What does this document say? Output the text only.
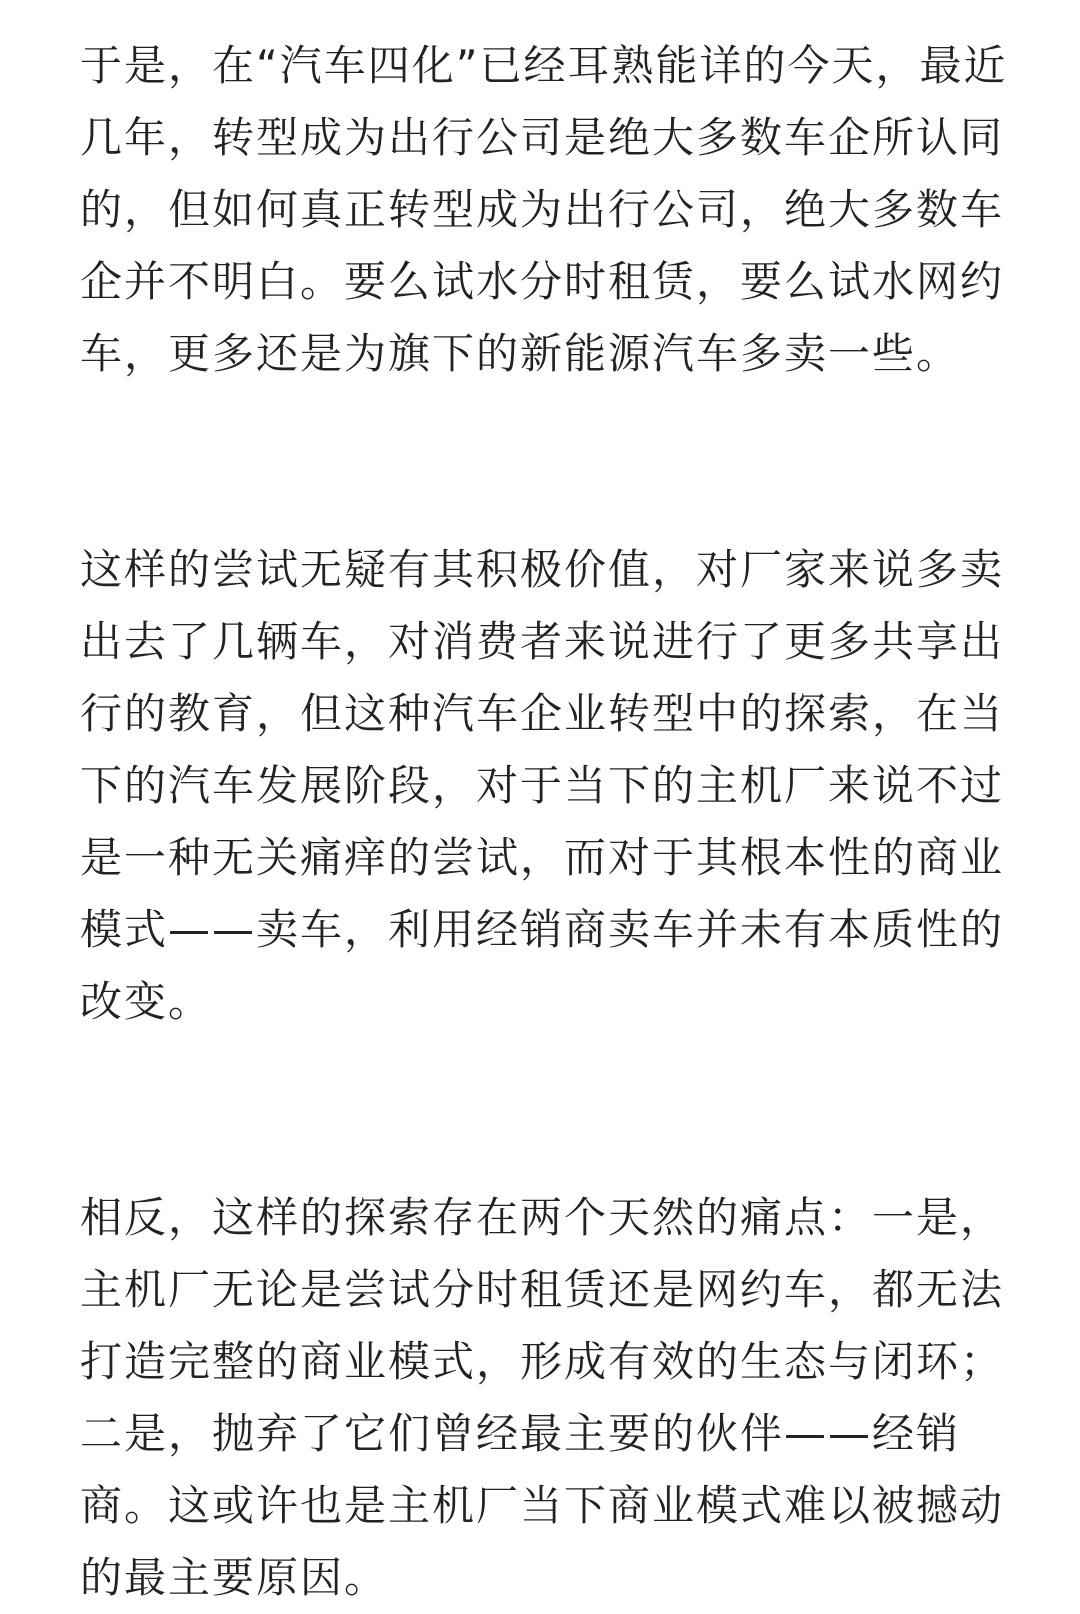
于是，在“汽车四化”已经耳熟能详的今天，最近
几年，转型成为出行公司是绝大多数车企所认同
的，但如何真正转型成为出行公司，绝大多数车
企并不明白。要么试水分时租赁，要么试水网约
车，更多还是为旗下的新能源汽车多卖一些。
这样的尝试无疑有其积极价值，对厂家来说多卖
出去了几辆车，对消费者来说进行了更多共享出
行的教育，但这种汽车企业转型中的探索，在当
下的汽车发展阶段，对于当下的主机厂来说不过
是一种无关痛痒的尝试，而对于其根本性的商业
模式——卖车，利用经销商卖车并未有本质性的
改变。
相反，这样的探索存在两个天然的痛点：一是，
主机厂无论是尝试分时租赁还是网约车，都无法
打造完整的商业模式，形成有效的生态与闭环；
二是，抛弃了它们曾经最主要的伙伴——经销
商。这或许也是主机厂当下商业模式难以被撼动
的最主要原因。
